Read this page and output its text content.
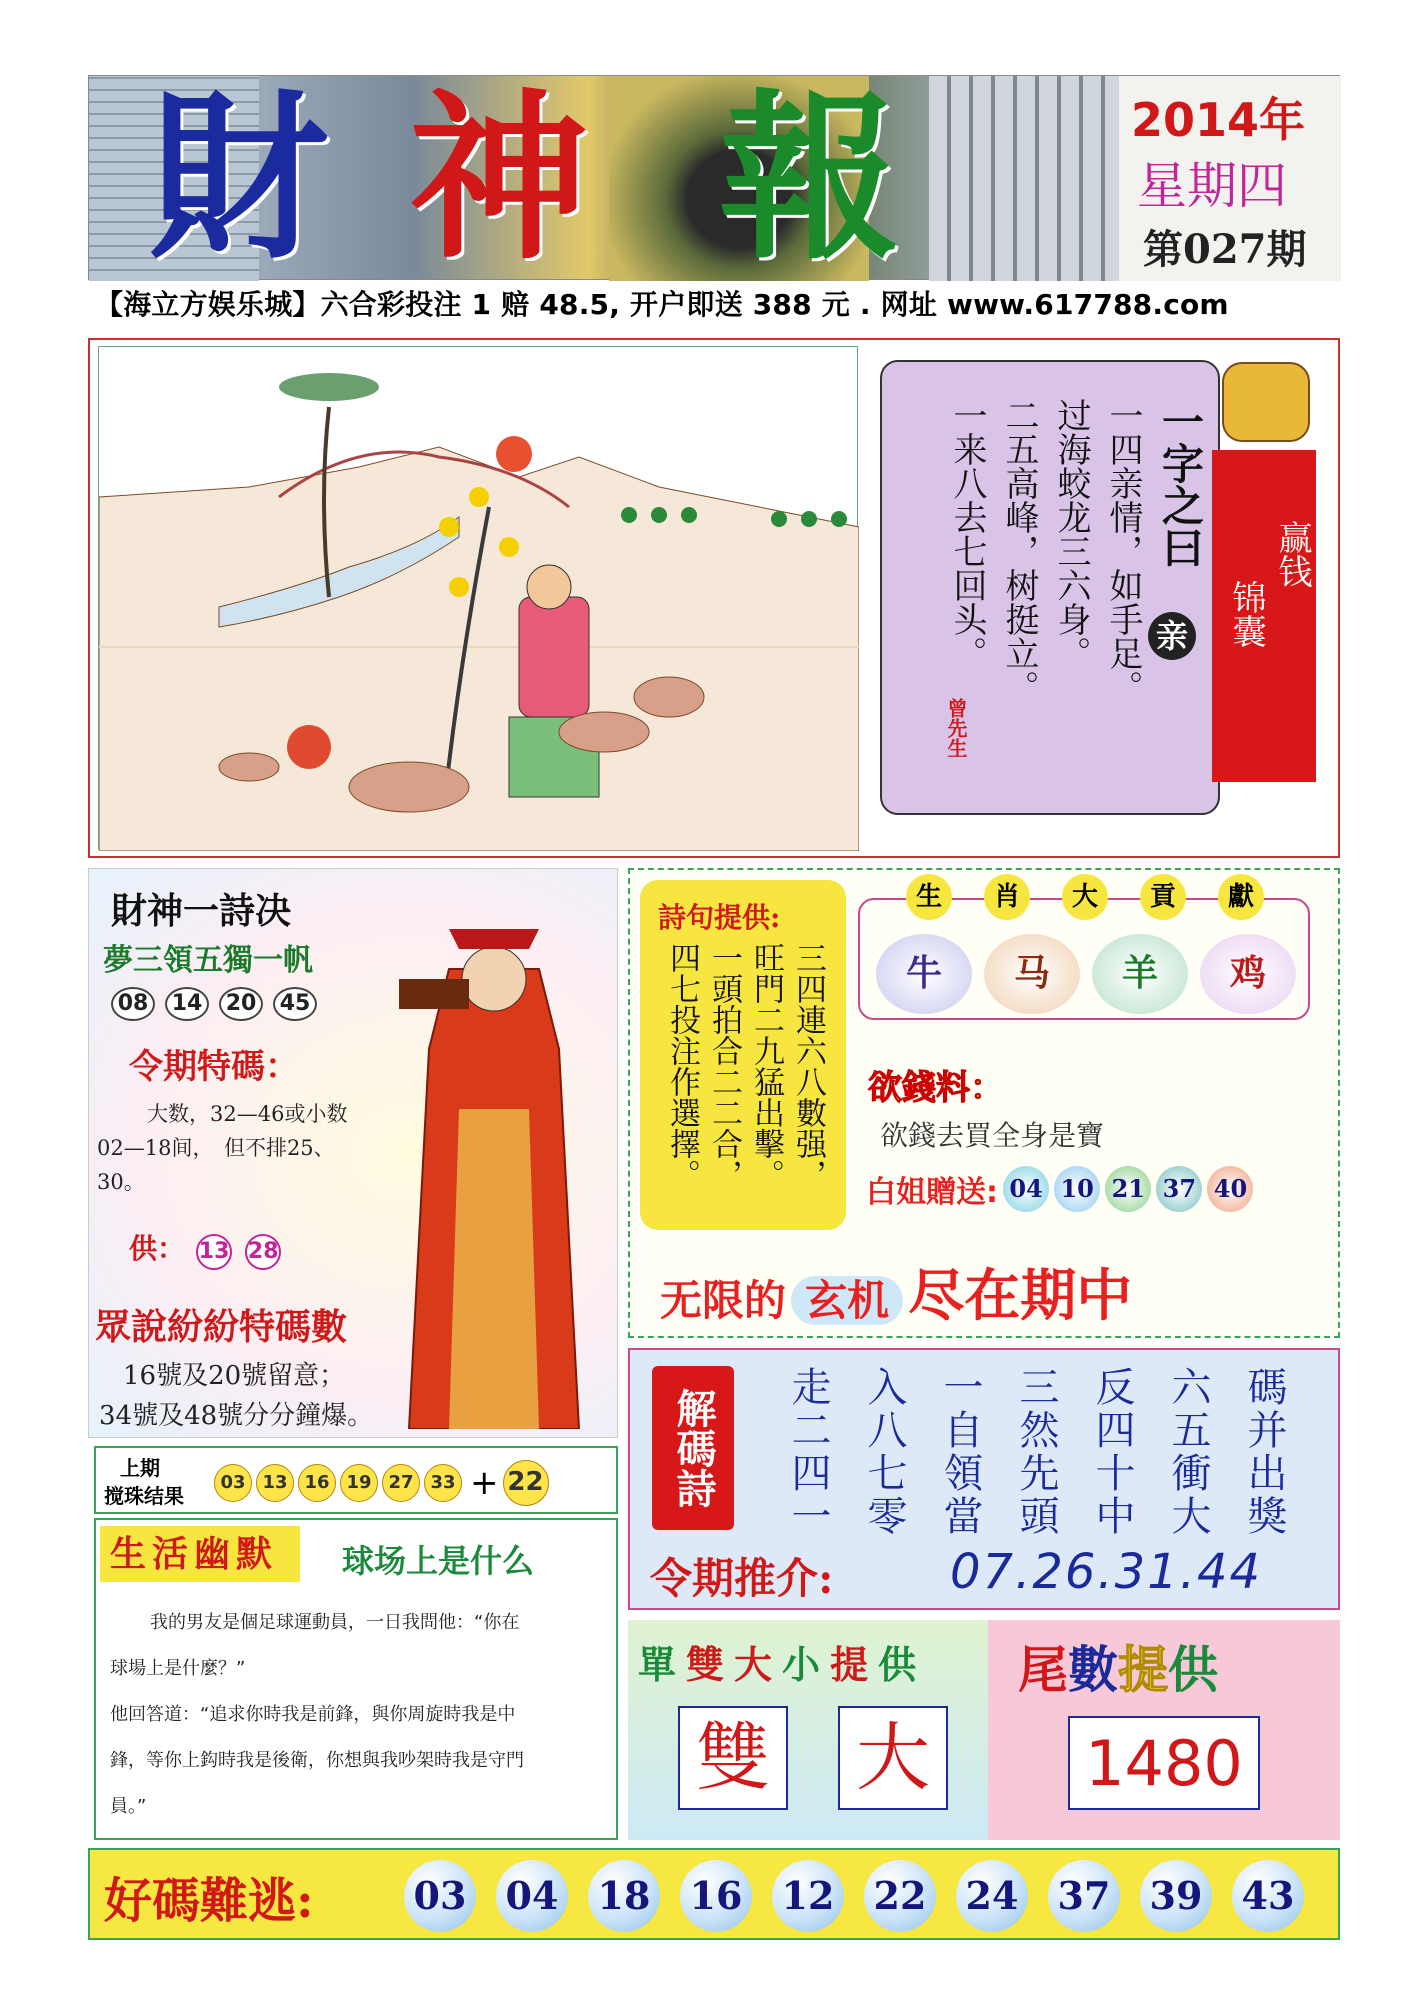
財 神 報	2014年
星期四
第027期
【海立方娱乐城】六合彩投注 1 赔 48.5, 开户即送 388 元 . 网址 www.617788.com
一字之曰
亲
一四亲情，如手足。
过海蛟龙三六身。
二五高峰，树挺立。
一来八去七回头。
曾先生
赢钱
锦囊
財神一詩决
夢三領五獨一帆
08 14 20 45
令期特碼：
大数，32—46或小数02—18间，　但不排25、30。
供： 13 28
眾說紛紛特碼數
16號及20號留意；
34號及48號分分鐘爆。
詩句提供:
三四連六八數强，
旺門二九猛出擊。
一頭拍合二二合，
四七投注作選擇。
生 肖 大 貢 獻
牛 马 羊 鸡
欲錢料：
欲錢去買全身是寶
白姐贈送: 04 10 21 37 40
无限的 玄机 尽在期中
解碼詩	走二四一 入八七零 一自領當 三然先頭 反四十中 六五衝大 碼并出獎
令期推介: 07.26.31.44
上期
搅珠结果
03 13 16 19 27 33 + 22
生活幽默	球场上是什么
我的男友是個足球運動員，一日我問他：“你在
球場上是什麼？”
他回答道：“追求你時我是前鋒，與你周旋時我是中
鋒，等你上鈎時我是後衛，你想與我吵架時我是守門
員。”
單 雙 大 小 提 供
雙 大
尾數提供
1480
好碼難逃:	03 04 18 16 12 22 24 37 39 43
